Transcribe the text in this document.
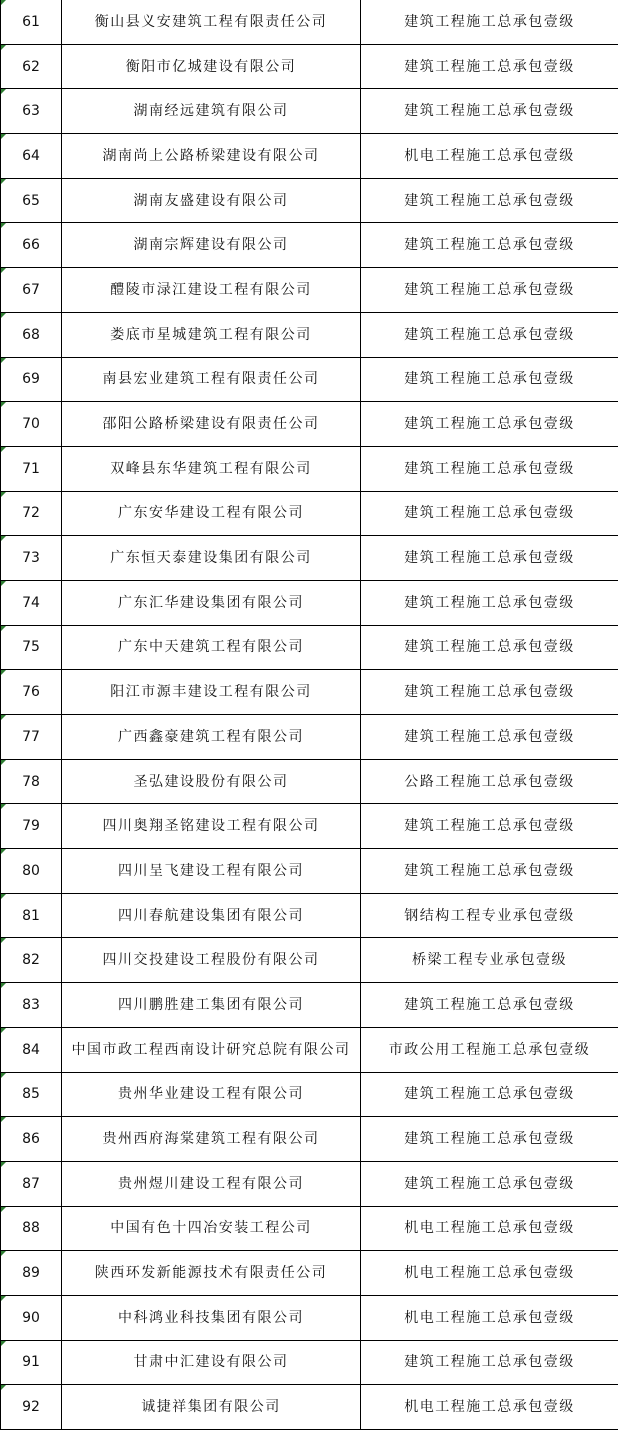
61	衡山县义安建筑工程有限责任公司	建筑工程施工总承包壹级
62	衡阳市亿城建设有限公司	建筑工程施工总承包壹级
63	湖南经远建筑有限公司	建筑工程施工总承包壹级
64	湖南尚上公路桥梁建设有限公司	机电工程施工总承包壹级
65	湖南友盛建设有限公司	建筑工程施工总承包壹级
66	湖南宗辉建设有限公司	建筑工程施工总承包壹级
67	醴陵市渌江建设工程有限公司	建筑工程施工总承包壹级
68	娄底市星城建筑工程有限公司	建筑工程施工总承包壹级
69	南县宏业建筑工程有限责任公司	建筑工程施工总承包壹级
70	邵阳公路桥梁建设有限责任公司	建筑工程施工总承包壹级
71	双峰县东华建筑工程有限公司	建筑工程施工总承包壹级
72	广东安华建设工程有限公司	建筑工程施工总承包壹级
73	广东恒天泰建设集团有限公司	建筑工程施工总承包壹级
74	广东汇华建设集团有限公司	建筑工程施工总承包壹级
75	广东中天建筑工程有限公司	建筑工程施工总承包壹级
76	阳江市源丰建设工程有限公司	建筑工程施工总承包壹级
77	广西鑫豪建筑工程有限公司	建筑工程施工总承包壹级
78	圣弘建设股份有限公司	公路工程施工总承包壹级
79	四川奥翔圣铭建设工程有限公司	建筑工程施工总承包壹级
80	四川呈飞建设工程有限公司	建筑工程施工总承包壹级
81	四川春航建设集团有限公司	钢结构工程专业承包壹级
82	四川交投建设工程股份有限公司	桥梁工程专业承包壹级
83	四川鹏胜建工集团有限公司	建筑工程施工总承包壹级
84	中国市政工程西南设计研究总院有限公司	市政公用工程施工总承包壹级
85	贵州华业建设工程有限公司	建筑工程施工总承包壹级
86	贵州西府海棠建筑工程有限公司	建筑工程施工总承包壹级
87	贵州煜川建设工程有限公司	建筑工程施工总承包壹级
88	中国有色十四冶安装工程公司	机电工程施工总承包壹级
89	陕西环发新能源技术有限责任公司	机电工程施工总承包壹级
90	中科鸿业科技集团有限公司	机电工程施工总承包壹级
91	甘肃中汇建设有限公司	建筑工程施工总承包壹级
92	诚捷祥集团有限公司	机电工程施工总承包壹级
